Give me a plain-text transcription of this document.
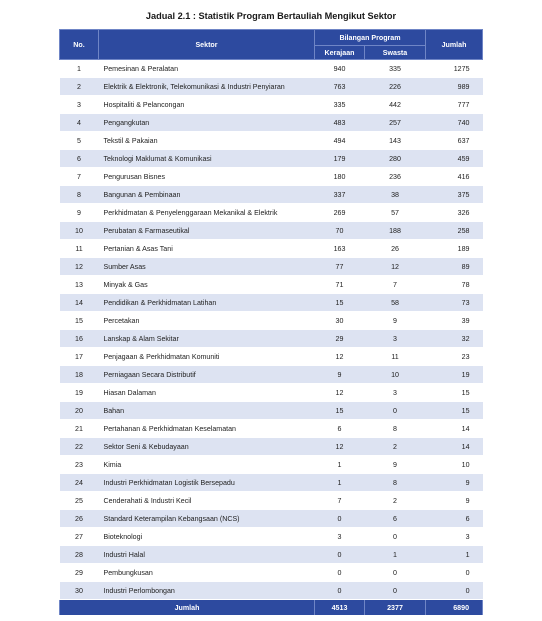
Jadual 2.1 : Statistik Program Bertauliah Mengikut Sektor
No.	Sektor	Bilangan Program		Jumlah
		Kerajaan	Swasta	
1	Pemesinan & Peralatan	940	335	1275
2	Elektrik & Elektronik, Telekomunikasi & Industri Penyiaran	763	226	989
3	Hospitaliti & Pelancongan	335	442	777
4	Pengangkutan	483	257	740
5	Tekstil & Pakaian	494	143	637
6	Teknologi Maklumat & Komunikasi	179	280	459
7	Pengurusan Bisnes	180	236	416
8	Bangunan & Pembinaan	337	38	375
9	Perkhidmatan & Penyelenggaraan Mekanikal & Elektrik	269	57	326
10	Perubatan & Farmaseutikal	70	188	258
11	Pertanian & Asas Tani	163	26	189
12	Sumber Asas	77	12	89
13	Minyak & Gas	71	7	78
14	Pendidikan & Perkhidmatan Latihan	15	58	73
15	Percetakan	30	9	39
16	Lanskap & Alam Sekitar	29	3	32
17	Penjagaan & Perkhidmatan Komuniti	12	11	23
18	Perniagaan Secara Distributif	9	10	19
19	Hiasan Dalaman	12	3	15
20	Bahan	15	0	15
21	Pertahanan & Perkhidmatan Keselamatan	6	8	14
22	Sektor Seni & Kebudayaan	12	2	14
23	Kimia	1	9	10
24	Industri Perkhidmatan Logistik Bersepadu	1	8	9
25	Cenderahati & Industri Kecil	7	2	9
26	Standard Keterampilan Kebangsaan (NCS)	0	6	6
27	Bioteknologi	3	0	3
28	Industri Halal	0	1	1
29	Pembungkusan	0	0	0
30	Industri Perlombongan	0	0	0
Jumlah		4513	2377	6890
